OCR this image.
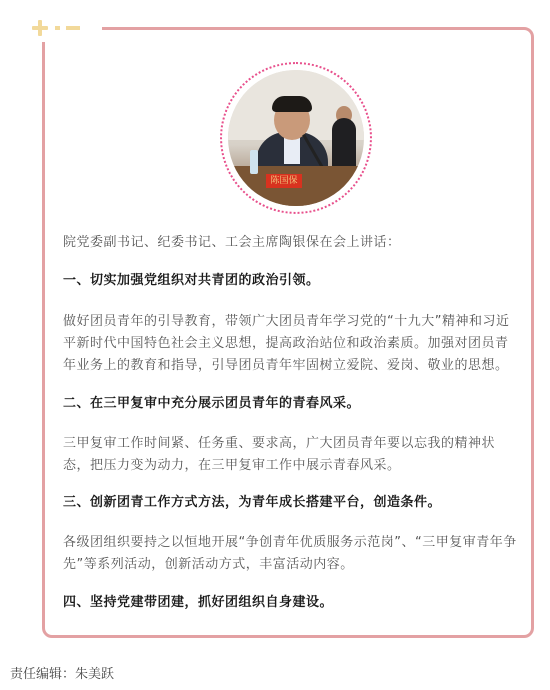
陈国保
院党委副书记、纪委书记、工会主席陶银保在会上讲话：
一、切实加强党组织对共青团的政治引领。
做好团员青年的引导教育，带领广大团员青年学习党的“十九大”精神和习近
平新时代中国特色社会主义思想，提高政治站位和政治素质。加强对团员青
年业务上的教育和指导，引导团员青年牢固树立爱院、爱岗、敬业的思想。
二、在三甲复审中充分展示团员青年的青春风采。
三甲复审工作时间紧、任务重、要求高，广大团员青年要以忘我的精神状
态，把压力变为动力，在三甲复审工作中展示青春风采。
三、创新团青工作方式方法，为青年成长搭建平台，创造条件。
各级团组织要持之以恒地开展“争创青年优质服务示范岗”、“三甲复审青年争
先”等系列活动，创新活动方式，丰富活动内容。
四、坚持党建带团建，抓好团组织自身建设。
责任编辑：朱美跃
